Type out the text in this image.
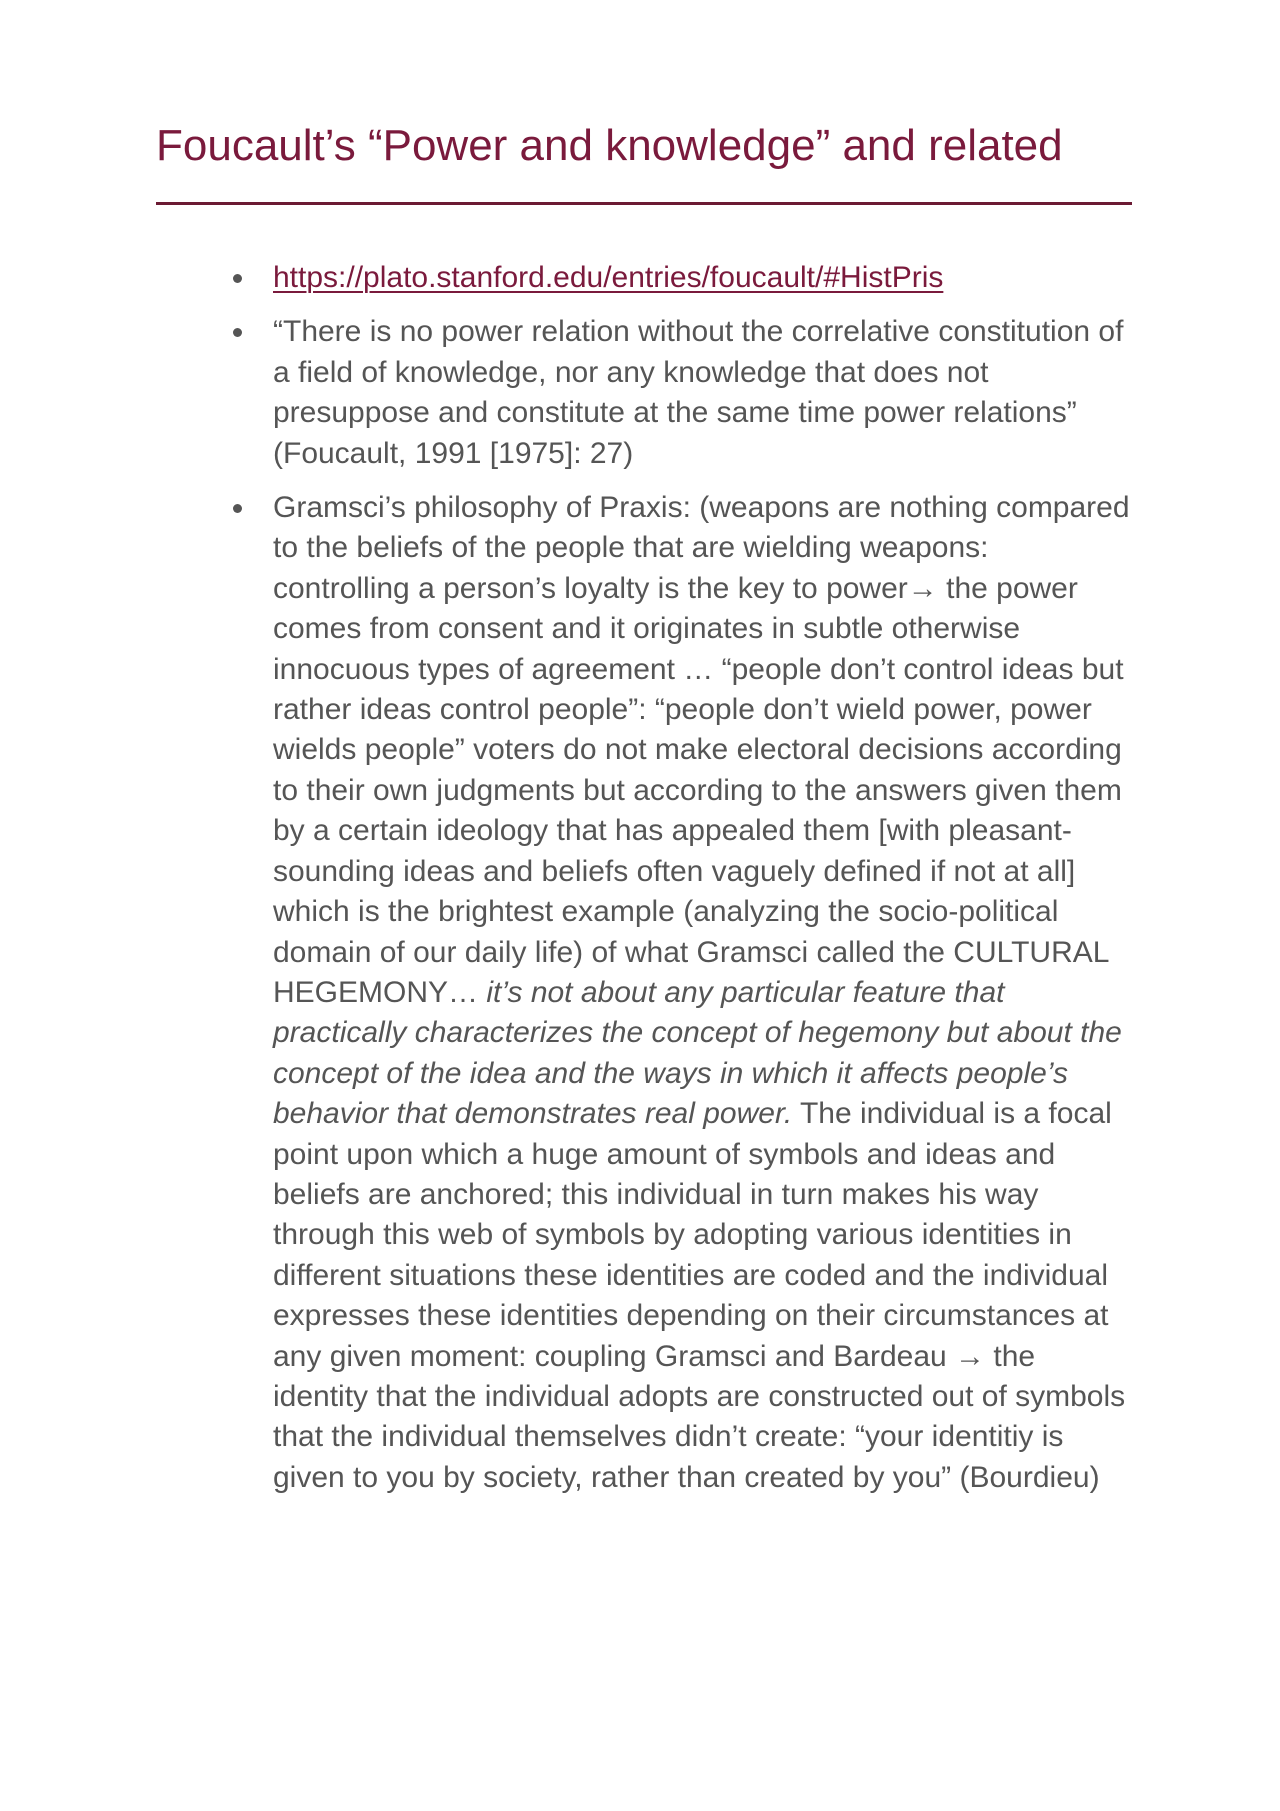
Foucault’s “Power and knowledge” and related
https://plato.stanford.edu/entries/foucault/#HistPris
“There is no power relation without the correlative constitution of a field of knowledge, nor any knowledge that does not presuppose and constitute at the same time power relations” (Foucault, 1991 [1975]: 27)
Gramsci’s philosophy of Praxis: (weapons are nothing compared to the beliefs of the people that are wielding weapons: controlling a person’s loyalty is the key to power→ the power comes from consent and it originates in subtle otherwise innocuous types of agreement … “people don’t control ideas but rather ideas control people”: “people don’t wield power, power wields people” voters do not make electoral decisions according to their own judgments but according to the answers given them by a certain ideology that has appealed them [with pleasant-sounding ideas and beliefs often vaguely defined if not at all] which is the brightest example (analyzing the socio-political domain of our daily life) of what Gramsci called the CULTURAL HEGEMONY… it’s not about any particular feature that practically characterizes the concept of hegemony but about the concept of the idea and the ways in which it affects people’s behavior that demonstrates real power. The individual is a focal point upon which a huge amount of symbols and ideas and beliefs are anchored; this individual in turn makes his way through this web of symbols by adopting various identities in different situations these identities are coded and the individual expresses these identities depending on their circumstances at any given moment: coupling Gramsci and Bardeau → the identity that the individual adopts are constructed out of symbols that the individual themselves didn’t create: “your identitiy is given to you by society, rather than created by you” (Bourdieu)
